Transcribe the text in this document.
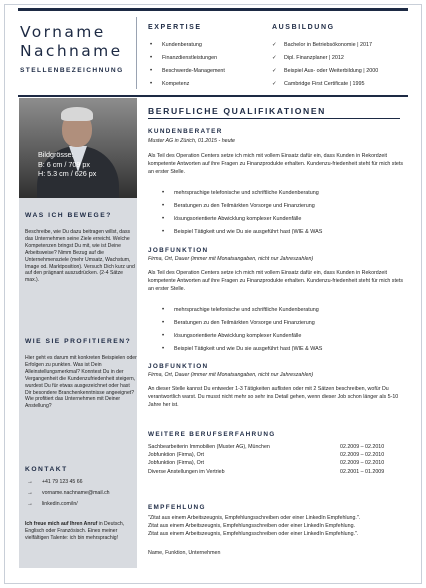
Vorname
Nachname
STELLENBEZEICHNUNG
EXPERTISE
• Kundenberatung
• Finanzdienstleistungen
• Beschwerde-Management
• Kompetenz
AUSBILDUNG
✓ Bachelor in Betriebsökonomie | 2017
✓ Dipl. Finanzplaner | 2012
✓ Beispiel Aus- oder Weiterbildung | 2000
✓ Cambridge First Certificate | 1995
Bildgrösse:
B: 6 cm / 709 px
H: 5.3 cm / 626 px
WAS ICH BEWEGE?
Beschreibe, wie Du dazu beitragen willst, dass das Unternehmen seine Ziele erreicht. Welche Kompetenzen bringst Du mit, wie ist Deine Arbeitsweise? Nimm Bezug auf die Unternehmensziele (mehr Umsatz, Wachstum, Image od. Marktposition). Versuch Dich kurz und auf den prägnant auszudrücken. (2-4 Sätze max.).
WIE SIE PROFITIEREN?
Hier geht es darum mit konkreten Beispielen oder Erfolgen zu punkten. Was ist Dein Alleinstellungsmerkmal? Konntest Du in der Vergangenheit die Kundenzufriedenheit steigern, wurdest Du für etwas ausgezeichnet oder hast Dir besondere Branchenkenntnisse angeeignet? Wie profitiert das Unternehmen mit Deiner Anstellung?
KONTAKT
→ +41 79 123 45 66
→ vorname.nachname@mail.ch
→ linkedin.com/in/
Ich freue mich auf Ihren Anruf in Deutsch, Englisch oder Französisch. Eines meiner vielfältigen Talente: ich bin mehrsprachig!
BERUFLICHE QUALIFIKATIONEN
KUNDENBERATER
Muster AG in Zürich, 01.2015 - heute
Als Teil des Operation Centers setze ich mich mit vollem Einsatz dafür ein, dass Kunden in Rekordzeit kompetente Antworten auf ihre Fragen zu Finanzprodukte erhalten. Kundenzu-friedenheit steht für mich stets an erster Stelle.
• mehrsprachige telefonische und schriftliche Kundenberatung
• Beratungen zu den Teilmärkten Vorsorge und Finanzierung
• lösungsorientierte Abwicklung komplexer Kundenfälle
• Beispiel Tätigkeit und wie Du sie ausgeführt hast (WIE & WAS
JOBFUNKTION
Firma, Ort, Dauer (immer mit Monatsangaben, nicht nur Jahreszahlen)
Als Teil des Operation Centers setze ich mich mit vollem Einsatz dafür ein, dass Kunden in Rekordzeit kompetente Antworten auf ihre Fragen zu Finanzprodukte erhalten. Kundenzu-friedenheit steht für mich stets an erster Stelle.
• mehrsprachige telefonische und schriftliche Kundenberatung
• Beratungen zu den Teilmärkten Vorsorge und Finanzierung
• lösungsorientierte Abwicklung komplexer Kundenfälle
• Beispiel Tätigkeit und wie Du sie ausgeführt hast (WIE & WAS
JOBFUNKTION
Firma, Ort, Dauer (immer mit Monatsangaben, nicht nur Jahreszahlen)
An dieser Stelle kannst Du entweder 1-3 Tätigkeiten auflisten oder mit 2 Sätzen beschreiben, wofür Du verantwortlich warst. Du musst nicht mehr so sehr ins Detail gehen, wenn dieser Job schon länger als 5-10 Jahre her ist.
WEITERE BERUFSERFAHRUNG
Sachbearbeiterin Immobilien (Muster AG), München	02.2009 – 02.2010
Jobfunktion (Firma), Ort	02.2009 – 02.2010
Jobfunktion (Firma), Ort	02.2009 – 02.2010
Diverse Anstellungen im Vertrieb	02.2001 – 01.2009
EMPFEHLUNG
"Zitat aus einem Arbeitszeugnis, Empfehlungsschreiben oder einer LinkedIn Empfehlung.".
Zitat aus einem Arbeitszeugnis, Empfehlungsschreiben oder einer LinkedIn Empfehlung.
Zitat aus einem Arbeitszeugnis, Empfehlungsschreiben oder einer LinkedIn Empfehlung.".
Name, Funktion, Unternehmen
